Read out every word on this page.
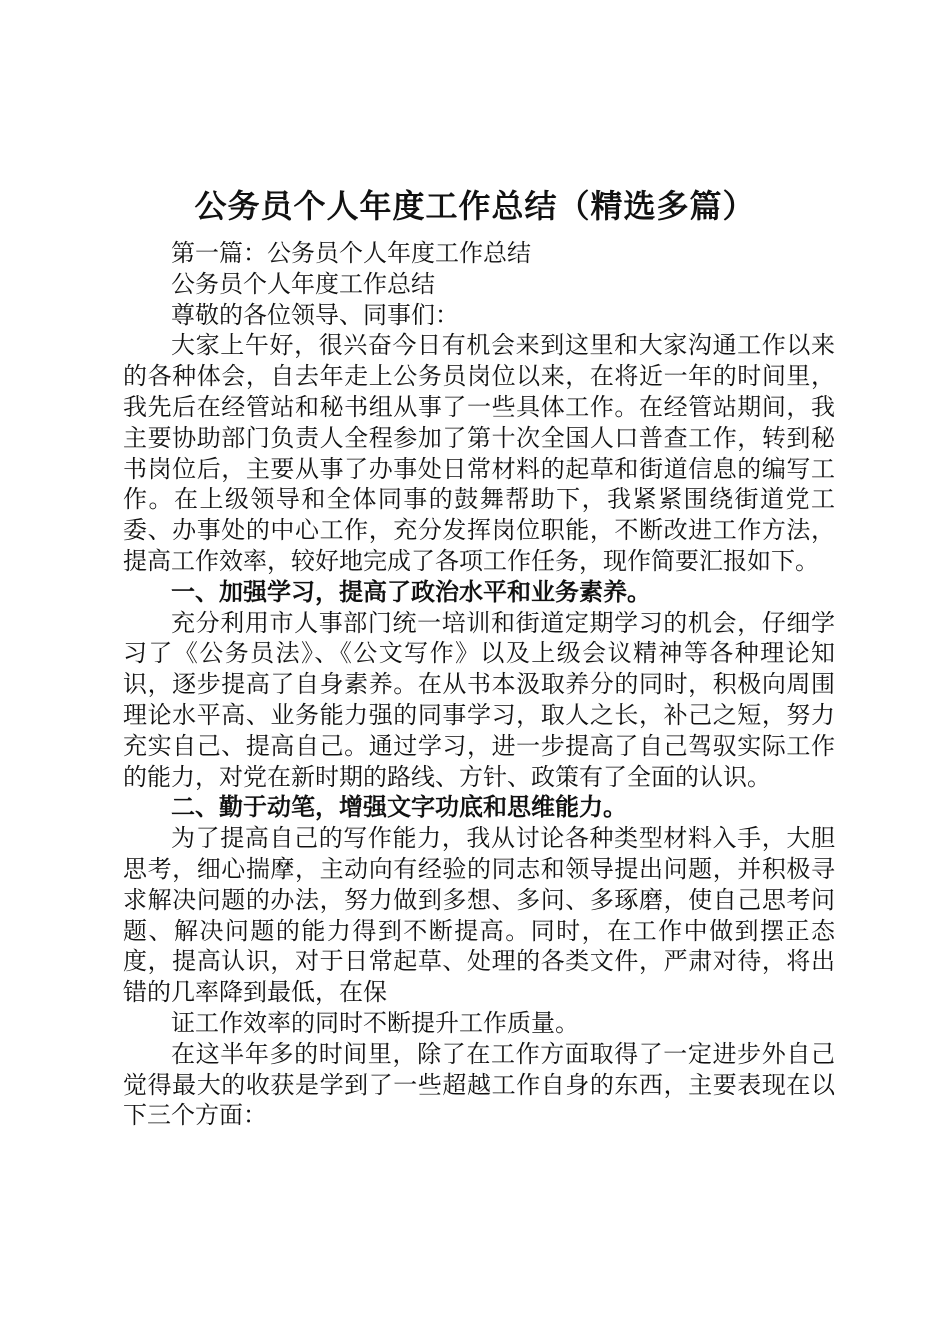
公务员个人年度工作总结（精选多篇）

第一篇：公务员个人年度工作总结

公务员个人年度工作总结

尊敬的各位领导、同事们：

大家上午好，很兴奋今日有机会来到这里和大家沟通工作以来的各种体会，自去年走上公务员岗位以来，在将近一年的时间里，我先后在经管站和秘书组从事了一些具体工作。在经管站期间，我主要协助部门负责人全程参加了第十次全国人口普查工作，转到秘书岗位后，主要从事了办事处日常材料的起草和街道信息的编写工作。在上级领导和全体同事的鼓舞帮助下，我紧紧围绕街道党工委、办事处的中心工作，充分发挥岗位职能，不断改进工作方法，提高工作效率，较好地完成了各项工作任务，现作简要汇报如下。

一、加强学习，提高了政治水平和业务素养。

充分利用市人事部门统一培训和街道定期学习的机会，仔细学习了《公务员法》、《公文写作》以及上级会议精神等各种理论知识，逐步提高了自身素养。在从书本汲取养分的同时，积极向周围理论水平高、业务能力强的同事学习，取人之长，补己之短，努力充实自己、提高自己。通过学习，进一步提高了自己驾驭实际工作的能力，对党在新时期的路线、方针、政策有了全面的认识。

二、勤于动笔，增强文字功底和思维能力。

为了提高自己的写作能力，我从讨论各种类型材料入手，大胆思考，细心揣摩，主动向有经验的同志和领导提出问题，并积极寻求解决问题的办法，努力做到多想、多问、多琢磨，使自己思考问题、解决问题的能力得到不断提高。同时，在工作中做到摆正态度，提高认识，对于日常起草、处理的各类文件，严肃对待，将出错的几率降到最低，在保

证工作效率的同时不断提升工作质量。

在这半年多的时间里，除了在工作方面取得了一定进步外自己觉得最大的收获是学到了一些超越工作自身的东西，主要表现在以下三个方面：
